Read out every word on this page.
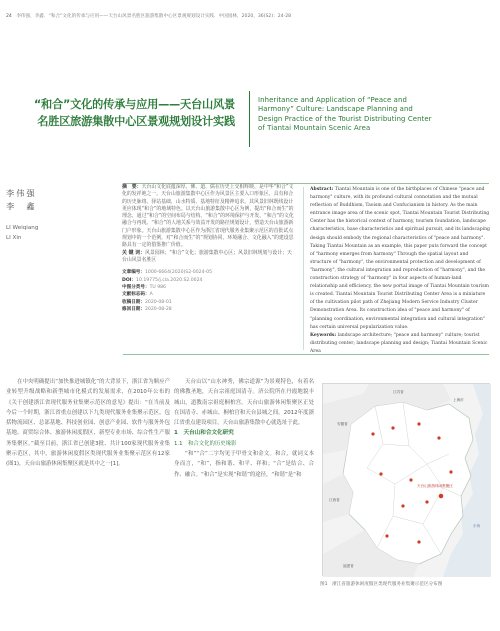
24 李伟强，李鑫．“和合”文化的传承与应用——天台山风景名胜区旅游集散中心区景观规划设计实践．中国园林，2020，36(S2)：24-28
“和合”文化的传承与应用——天台山风景
名胜区旅游集散中心区景观规划设计实践
Inheritance and Application of “Peace and
Harmony” Culture: Landscape Planning and
Design Practice of the Tourist Distributing Center
of Tiantai Mountain Scenic Area
李伟强
李　鑫
LI Weiqiang
LI Xin

摘　要：天台山文化底蕴深厚，佛、道、儒在历史上交相辉映，是中华“和合”文化的发祥地之一。天台山旅游集散中心区作为风景区主要入口形象区，具有和合的历史脉络、驿站基础，山水特质、基地特征及精神追求。其风景旧林既线设计更应体现“和合”的地域特色。以天台山旅游集散中心区为例，提出“和合而生”的理念，通过“和合”的空间布局与结构、“和合”的环境保护与开发、“和合”的文化融合与再现、“和合”的人地关系与效益开发的路径规划设计，塑造天台山旅游新门户形象。天台山旅游集散中心区作为浙江省现代服务业集聚示范区的首批试点规划中的一个范例，对“和合而生”的“规划协同、环境融合、文化融入”的建设思路具有一定的借鉴推广价值。

关 键 词：风景园林；“和合”文化；旅游集散中心区；风景旧林规划与设计；天台山风景名胜区

文章编号：1000-6664(2020)S2-0024-05
DOI：10.19775/j.cla.2020.S2.0024
中图分类号：TU 986
文献标志码：A
收稿日期：2020-08-01
修回日期：2020-08-28

Abstract: Tiantai Mountain is one of the birthplaces of Chinese "peace and harmony" culture, with its profound cultural connotation and the mutual reflection of Buddhism, Taoism and Confucianism in history. As the main entrance image area of the scenic spot, Tiantai Mountain Tourist Distributing Center has the historical context of harmony, tourism foundation, landscape characteristics, base characteristics and spiritual pursuit, and its landscaping design should embody the regional characteristics of "peace and harmony". Taking Tiantai Mountain as an example, this paper puts forward the concept of "harmony emerges from harmony" Through the spatial layout and structure of "harmony", the environmental protection and development of "harmony", the cultural integration and reproduction of "harmony", and the construction strategy of "harmony" in four aspects of human-land relationship and efficiency, the new portal image of Tiantai Mountain tourism is created. Tiantai Mountain Tourist Distributing Center Area is a miniature of the cultivation pilot path of Zhejiang Modern Service Industry Cluster Demonstration Area. Its construction idea of "peace and harmony" of "planning coordination, environmental integration and cultural integration" has certain universal popularization value.

Keywords: landscape architecture; "peace and harmony" culture; tourist distributing center; landscape planning and design; Tiantai Mountain Scenic Area

在中央明确提出“加快推进城镇化”的大背景下，浙江省为顺应产业转型升级战略和新型城市化模式的发展需求，在2010年公布的《关于创建浙江省现代服务业集聚示范区的意见》提出：“在当前及今后一个时期，浙江省重点创建以下九类现代服务业集聚示范区，包括物流园区、总部基地、科技创业园、创意产业园、软件与服务外包基地、商贸综合体、旅游休闲度假区、新型专业市场、综合性生产服务集聚区。”截至目前，浙江省已创建3批、共计100家现代服务业集聚示范区，其中，旅游休闲度假区类现代服务业集聚示范区有12家(图1)，天台山旅游休闲集聚区就是其中之一[1]。

天台山以“山水神秀，佛宗道源”为景观特色，有着名的佛教圣地，天台宗祖庭国清寺。济公院所在丹霞地貌丰城山，道教南宗祖庭桐柏宫。天台山旅游休闲集聚区正处在国清寺、赤城山、桐柏宫和天台县城之间。2012年度浙江省重点建设项目，天台山旅游集散中心就选址于此。

1　天台山和合文化研究

1.1　和合文化的历史缘影

“和”“合”二字均见于甲骨文和金文。和合，就词义本身而言，“和”，指和谐、和平、祥和；“合”是结合、合作、融合。“和合”是实现“和谐”的途径，“和谐”是“和

安徽省
江苏省
上海市
江西省
福建省
东海
天台山旅游休闲集聚区
图1　浙江省旅游休闲度假区类现代服务业集聚示范区分布图
